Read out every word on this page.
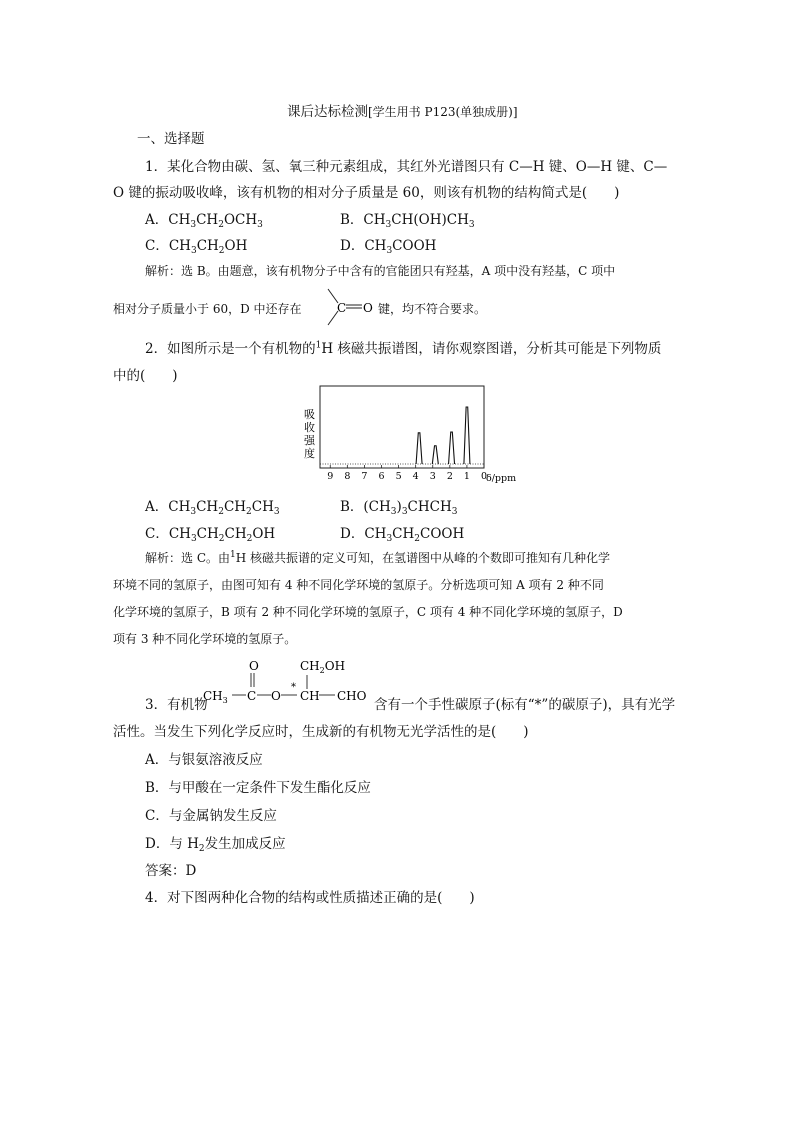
课后达标检测[学生用书 P123(单独成册)]
一、选择题
1．某化合物由碳、氢、氧三种元素组成，其红外光谱图只有 C—H 键、O—H 键、C—
O 键的振动吸收峰，该有机物的相对分子质量是 60，则该有机物的结构简式是(　　)
A．$CH_3CH_2OCH_3$	B．$CH_3CH(OH)CH_3$
C．$CH_3CH_2OH$	D．$CH_3COOH$
解析：选 B。由题意，该有机物分子中含有的官能团只有羟基，A 项中没有羟基，C 项中
相对分子质量小于 60，D 中还存在	C O 键，均不符合要求。
2．如图所示是一个有机物的$^1$H 核磁共振谱图，请你观察图谱，分析其可能是下列物质
中的(　　)
吸
收
强
度
9 8 7 6 5 4 3 2 1 0
δ/ppm
A．$CH_3CH_2CH_2CH_3$	B．$(CH_3)_3CHCH_3$
C．$CH_3CH_2CH_2OH$	D．$CH_3CH_2COOH$
解析：选 C。由$^1$H 核磁共振谱的定义可知，在氢谱图中从峰的个数即可推知有几种化学
环境不同的氢原子，由图可知有 4 种不同化学环境的氢原子。分析选项可知 A 项有 2 种不同
化学环境的氢原子，B 项有 2 种不同化学环境的氢原子，C 项有 4 种不同化学环境的氢原子，D
项有 3 种不同化学环境的氢原子。
3．有机物
O
$CH_3$ C O
*
CH
$CH_2OH$
CHO
含有一个手性碳原子(标有“*”的碳原子)，具有光学
活性。当发生下列化学反应时，生成新的有机物无光学活性的是(　　)
A．与银氨溶液反应
B．与甲酸在一定条件下发生酯化反应
C．与金属钠发生反应
D．与 $H_2$发生加成反应
答案：D
4．对下图两种化合物的结构或性质描述正确的是(　　)
